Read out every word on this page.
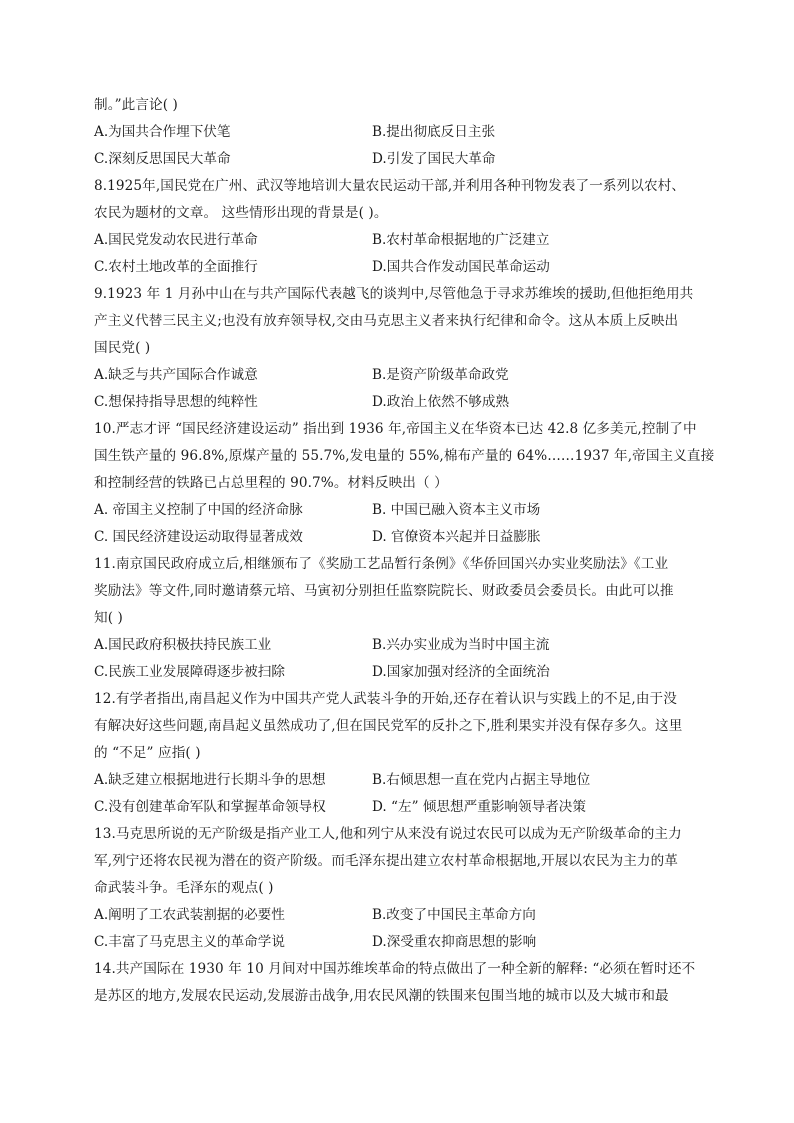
制。”此言论( )
A.为国共合作埋下伏笔	B.提出彻底反日主张
C.深刻反思国民大革命	D.引发了国民大革命
8.1925年,国民党在广州、武汉等地培训大量农民运动干部,并利用各种刊物发表了一系列以农村、
农民为题材的文章。 这些情形出现的背景是( )。
A.国民党发动农民进行革命	B.农村革命根据地的广泛建立
C.农村土地改革的全面推行	D.国共合作发动国民革命运动
9.1923 年 1 月孙中山在与共产国际代表越飞的谈判中,尽管他急于寻求苏维埃的援助,但他拒绝用共
产主义代替三民主义;也没有放弃领导权,交由马克思主义者来执行纪律和命令。这从本质上反映出
国民党( )
A.缺乏与共产国际合作诚意	B.是资产阶级革命政党
C.想保持指导思想的纯粹性	D.政治上依然不够成熟
10.严志才评 “国民经济建设运动” 指出到 1936 年,帝国主义在华资本已达 42.8 亿多美元,控制了中
国生铁产量的 96.8%,原煤产量的 55.7%,发电量的 55%,棉布产量的 64%……1937 年,帝国主义直接
和控制经营的铁路已占总里程的 90.7%。材料反映出（ ）
A. 帝国主义控制了中国的经济命脉	B. 中国已融入资本主义市场
C. 国民经济建设运动取得显著成效	D. 官僚资本兴起并日益膨胀
11.南京国民政府成立后,相继颁布了《奖励工艺品暂行条例》《华侨回国兴办实业奖励法》《工业
奖励法》等文件,同时邀请蔡元培、马寅初分别担任监察院院长、财政委员会委员长。由此可以推
知( )
A.国民政府积极扶持民族工业	B.兴办实业成为当时中国主流
C.民族工业发展障碍逐步被扫除	D.国家加强对经济的全面统治
12.有学者指出,南昌起义作为中国共产党人武装斗争的开始,还存在着认识与实践上的不足,由于没
有解决好这些问题,南昌起义虽然成功了,但在国民党军的反扑之下,胜利果实并没有保存多久。这里
的 “不足” 应指( )
A.缺乏建立根据地进行长期斗争的思想	B.右倾思想一直在党内占据主导地位
C.没有创建革命军队和掌握革命领导权	D. “左” 倾思想严重影响领导者决策
13.马克思所说的无产阶级是指产业工人,他和列宁从来没有说过农民可以成为无产阶级革命的主力
军,列宁还将农民视为潜在的资产阶级。而毛泽东提出建立农村革命根据地,开展以农民为主力的革
命武装斗争。毛泽东的观点( )
A.阐明了工农武装割据的必要性	B.改变了中国民主革命方向
C.丰富了马克思主义的革命学说	D.深受重农抑商思想的影响
14.共产国际在 1930 年 10 月间对中国苏维埃革命的特点做出了一种全新的解释: “必须在暂时还不
是苏区的地方,发展农民运动,发展游击战争,用农民风潮的铁围来包围当地的城市以及大城市和最
